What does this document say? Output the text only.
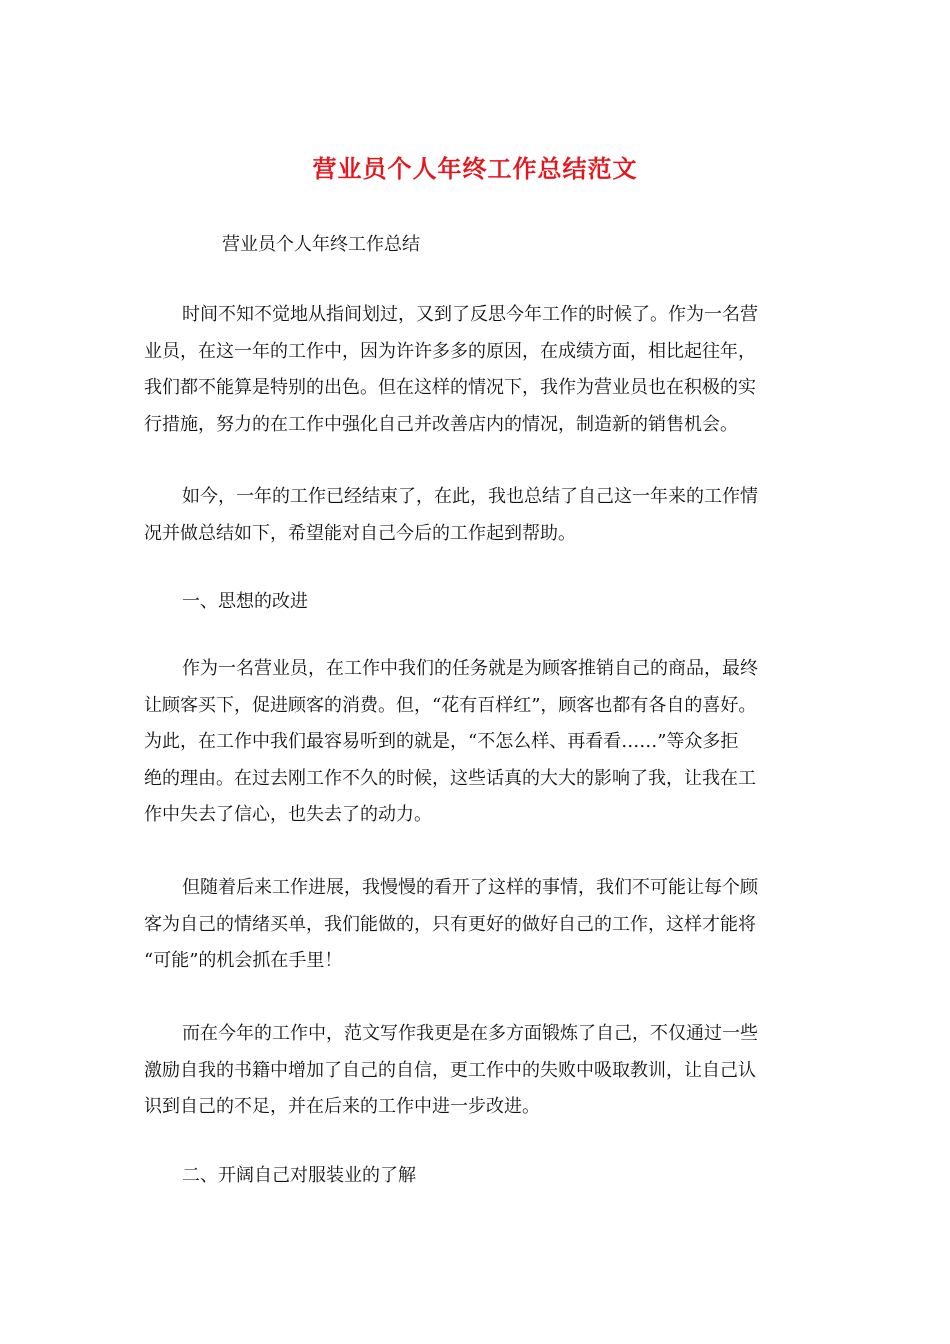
营业员个人年终工作总结范文
营业员个人年终工作总结
时间不知不觉地从指间划过，又到了反思今年工作的时候了。作为一名营
业员，在这一年的工作中，因为许许多多的原因，在成绩方面，相比起往年，
我们都不能算是特别的出色。但在这样的情况下，我作为营业员也在积极的实
行措施，努力的在工作中强化自己并改善店内的情况，制造新的销售机会。
如今，一年的工作已经结束了，在此，我也总结了自己这一年来的工作情
况并做总结如下，希望能对自己今后的工作起到帮助。
一、思想的改进
作为一名营业员，在工作中我们的任务就是为顾客推销自己的商品，最终
让顾客买下，促进顾客的消费。但，“花有百样红”，顾客也都有各自的喜好。
为此，在工作中我们最容易听到的就是，“不怎么样、再看看……”等众多拒
绝的理由。在过去刚工作不久的时候，这些话真的大大的影响了我，让我在工
作中失去了信心，也失去了的动力。
但随着后来工作进展，我慢慢的看开了这样的事情，我们不可能让每个顾
客为自己的情绪买单，我们能做的，只有更好的做好自己的工作，这样才能将
“可能”的机会抓在手里！
而在今年的工作中，范文写作我更是在多方面锻炼了自己，不仅通过一些
激励自我的书籍中增加了自己的自信，更工作中的失败中吸取教训，让自己认
识到自己的不足，并在后来的工作中进一步改进。
二、开阔自己对服装业的了解
